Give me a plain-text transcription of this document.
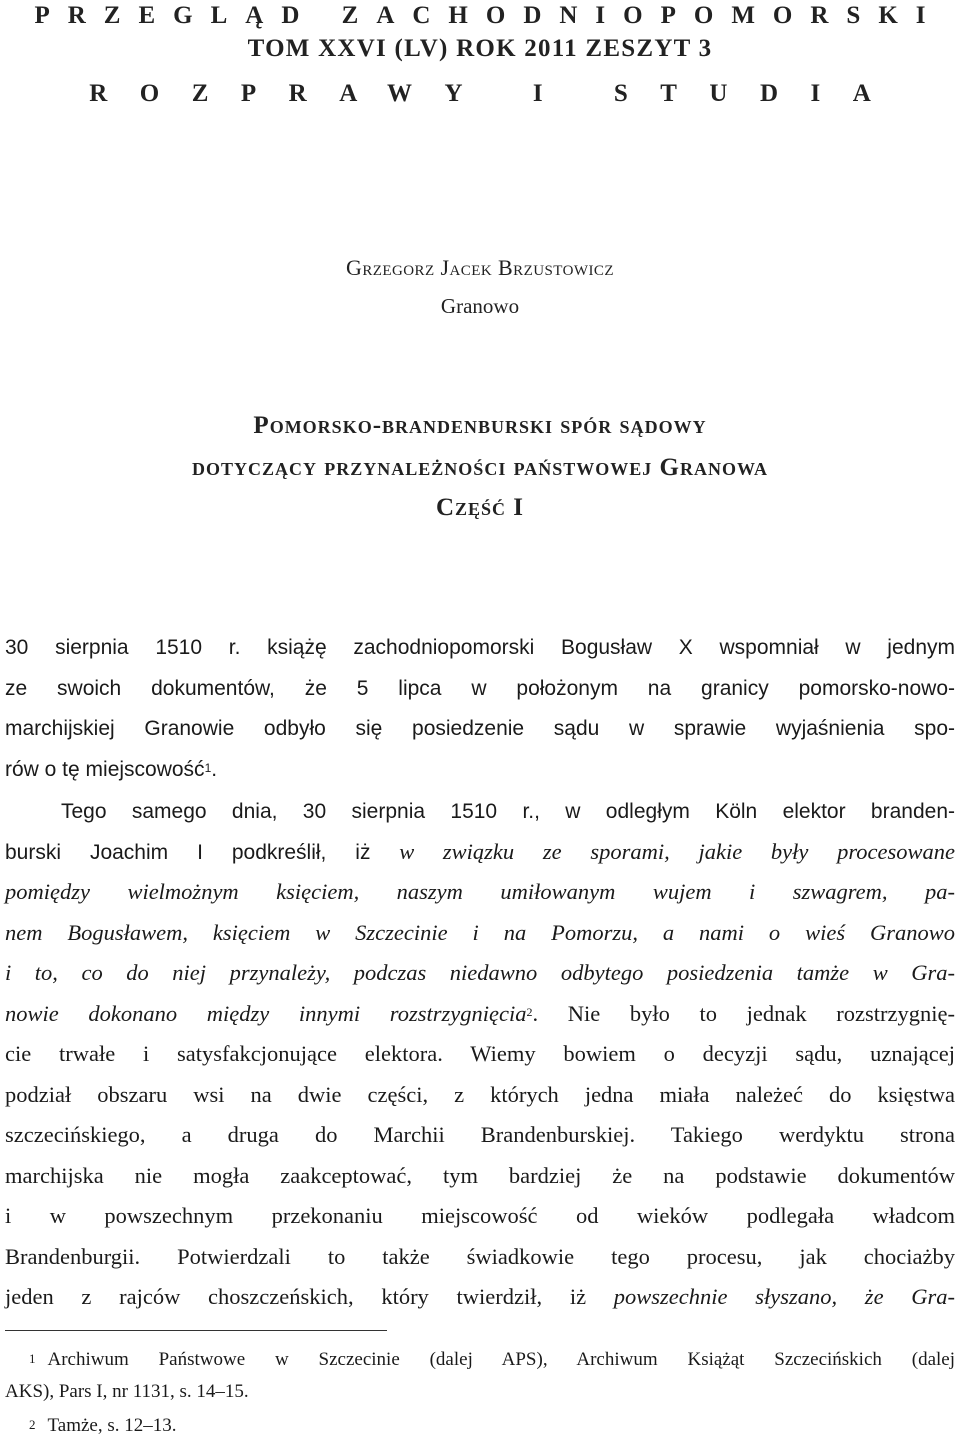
PRZEGLĄD ZACHODNIOPOMORSKI
TOM XXVI (LV) ROK 2011 ZESZYT 3
ROZPRAWY I STUDIA
Grzegorz Jacek Brzustowicz
Granowo
Pomorsko-brandenburski spór sądowy
dotyczący przynależności państwowej Granowa
Część I
30 sierpnia 1510 r. książę zachodniopomorski Bogusław X wspomniał w jednym
ze swoich dokumentów, że 5 lipca w położonym na granicy pomorsko-nowo-
marchijskiej Granowie odbyło się posiedzenie sądu w sprawie wyjaśnienia spo-
rów o tę miejscowość$^1$.
Tego samego dnia, 30 sierpnia 1510 r., w odległym Köln elektor branden-
burski Joachim I podkreślił, iż w związku ze sporami, jakie były procesowane
pomiędzy wielmożnym księciem, naszym umiłowanym wujem i szwagrem, pa-
nem Bogusławem, księciem w Szczecinie i na Pomorzu, a nami o wieś Granowo
i to, co do niej przynależy, podczas niedawno odbytego posiedzenia tamże w Gra-
nowie dokonano między innymi rozstrzygnięcia$^2$. Nie było to jednak rozstrzygnię-
cie trwałe i satysfakcjonujące elektora. Wiemy bowiem o decyzji sądu, uznającej
podział obszaru wsi na dwie części, z których jedna miała należeć do księstwa
szczecińskiego, a druga do Marchii Brandenburskiej. Takiego werdyktu strona
marchijska nie mogła zaakceptować, tym bardziej że na podstawie dokumentów
i w powszechnym przekonaniu miejscowość od wieków podlegała władcom
Brandenburgii. Potwierdzali to także świadkowie tego procesu, jak chociażby
jeden z rajców choszczeńskich, który twierdził, iż powszechnie słyszano, że Gra-
1 Archiwum Państwowe w Szczecinie (dalej APS), Archiwum Książąt Szczecińskich (dalej
AKS), Pars I, nr 1131, s. 14–15.
2 Tamże, s. 12–13.
